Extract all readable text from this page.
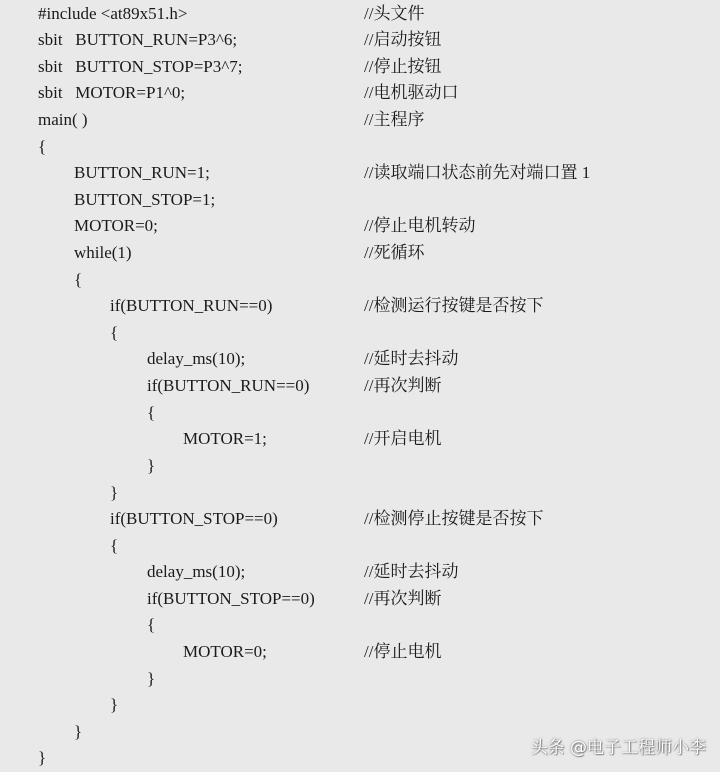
#include <at89x51.h>	//头文件
sbit   BUTTON_RUN=P3^6;	//启动按钮
sbit   BUTTON_STOP=P3^7;	//停止按钮
sbit   MOTOR=P1^0;	//电机驱动口
main( )	//主程序
{
BUTTON_RUN=1;	//读取端口状态前先对端口置 1
BUTTON_STOP=1;
MOTOR=0;	//停止电机转动
while(1)	//死循环
{
if(BUTTON_RUN==0)	//检测运行按键是否按下
{
delay_ms(10);	//延时去抖动
if(BUTTON_RUN==0)	//再次判断
{
MOTOR=1;	//开启电机
}
}
if(BUTTON_STOP==0)	//检测停止按键是否按下
{
delay_ms(10);	//延时去抖动
if(BUTTON_STOP==0)	//再次判断
{
MOTOR=0;	//停止电机
}
}
}
}	头条 @电子工程师小李
